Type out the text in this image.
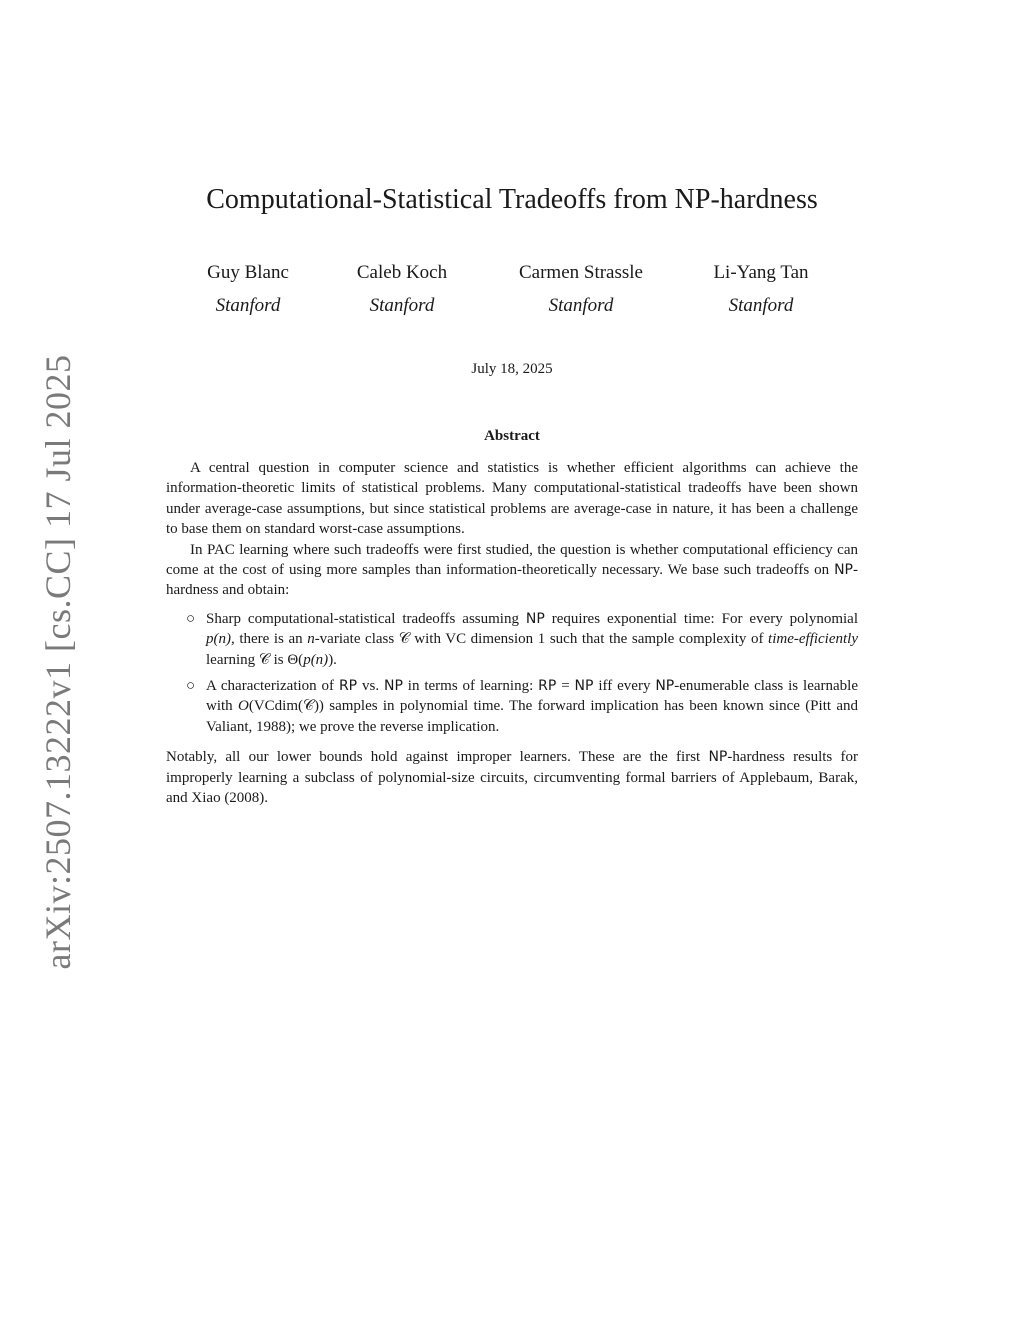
arXiv:2507.13222v1 [cs.CC] 17 Jul 2025
Computational-Statistical Tradeoffs from NP-hardness
Guy Blanc
Stanford
Caleb Koch
Stanford
Carmen Strassle
Stanford
Li-Yang Tan
Stanford
July 18, 2025
Abstract

A central question in computer science and statistics is whether efficient algorithms can achieve the information-theoretic limits of statistical problems. Many computational-statistical tradeoffs have been shown under average-case assumptions, but since statistical problems are average-case in nature, it has been a challenge to base them on standard worst-case assumptions.

In PAC learning where such tradeoffs were first studied, the question is whether computational efficiency can come at the cost of using more samples than information-theoretically necessary. We base such tradeoffs on NP-hardness and obtain:

○ Sharp computational-statistical tradeoffs assuming NP requires exponential time: For every polynomial p(n), there is an n-variate class 𝒞 with VC dimension 1 such that the sample complexity of time-efficiently learning 𝒞 is Θ(p(n)).
○ A characterization of RP vs. NP in terms of learning: RP = NP iff every NP-enumerable class is learnable with O(VCdim(𝒞)) samples in polynomial time. The forward implication has been known since (Pitt and Valiant, 1988); we prove the reverse implication.

Notably, all our lower bounds hold against improper learners. These are the first NP-hardness results for improperly learning a subclass of polynomial-size circuits, circumventing formal barriers of Applebaum, Barak, and Xiao (2008).
